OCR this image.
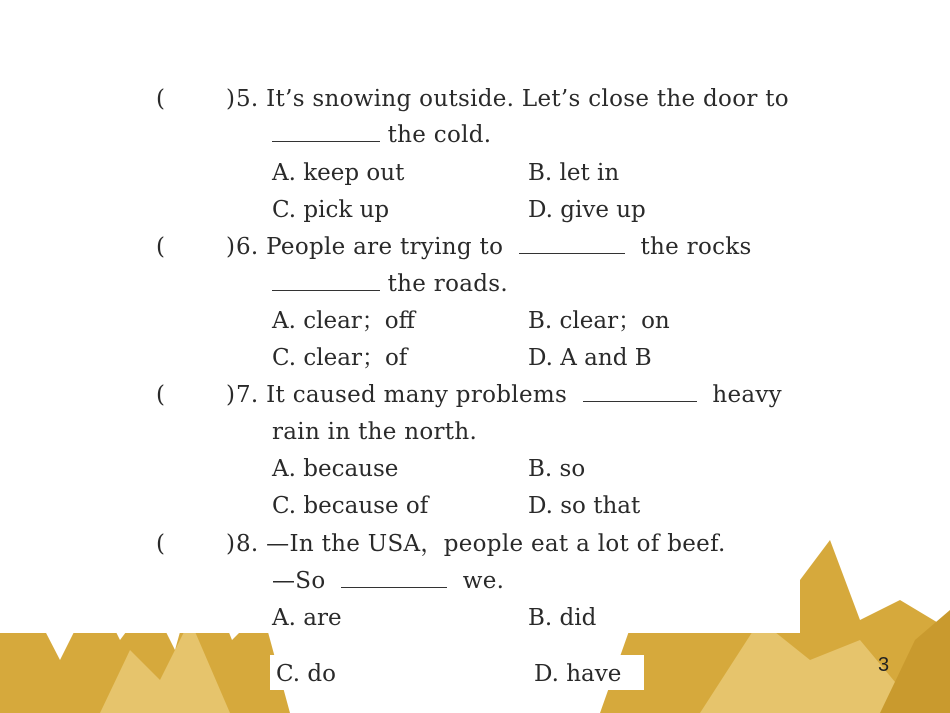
(	) 5. It’s snowing outside. Let’s close the door to
the cold.
A. keep out	B. let in
C. pick up	D. give up
(	) 6. People are trying to	the rocks
the roads.
A. clear；off	B. clear；on
C. clear；of	D. A and B
(	) 7. It caused many problems	heavy
rain in the north.
A. because	B. so
C. because of	D. so that
(	) 8. —In the USA，people eat a lot of beef.
—So	we.
A. are	B. did
C. do	D. have	3
